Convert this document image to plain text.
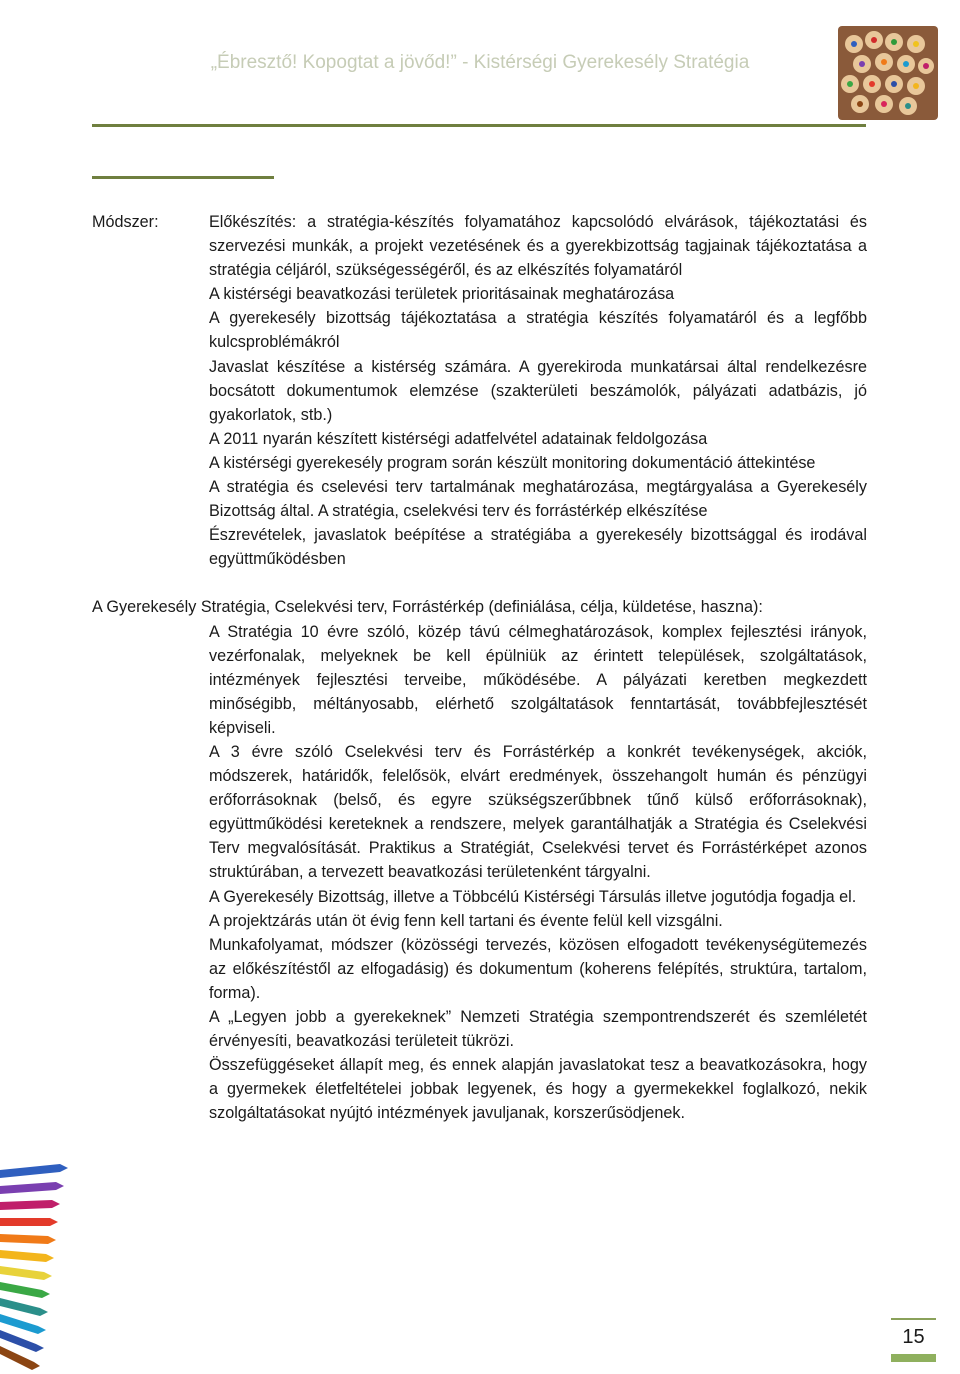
„Ébresztő! Kopogtat a jövőd!” - Kistérségi Gyerekesély Stratégia
Módszer:	Előkészítés: a stratégia-készítés folyamatához kapcsolódó elvárások, tájékoztatási és szervezési munkák, a projekt vezetésének és a gyerekbizottság tagjainak tájékoztatása a stratégia céljáról, szükségességéről, és az elkészítés folyamatáról

A kistérségi beavatkozási területek prioritásainak meghatározása

A gyerekesély bizottság tájékoztatása a stratégia készítés folyamatáról és a legfőbb kulcsproblémákról

Javaslat készítése a kistérség számára. A gyerekiroda munkatársai által rendelkezésre bocsátott dokumentumok elemzése (szakterületi beszámolók, pályázati adatbázis, jó gyakorlatok, stb.)

A 2011 nyarán készített kistérségi adatfelvétel adatainak feldolgozása

A kistérségi gyerekesély program során készült monitoring dokumentáció áttekintése

A stratégia és cselevési terv tartalmának meghatározása, megtárgyalása a Gyerekesély Bizottság által. A stratégia, cselekvési terv és forrástérkép elkészítése

Észrevételek, javaslatok beépítése a stratégiába a gyerekesély bizottsággal és irodával együttműködésben

A Gyerekesély Stratégia, Cselekvési terv, Forrástérkép (definiálása, célja, küldetése, haszna):

A Stratégia 10 évre szóló, közép távú célmeghatározások, komplex fejlesztési irányok, vezérfonalak, melyeknek be kell épülniük az érintett települések, szolgáltatások, intézmények fejlesztési terveibe, működésébe. A pályázati keretben megkezdett minőségibb, méltányosabb, elérhető szolgáltatások fenntartását, továbbfejlesztését képviseli.

A 3 évre szóló Cselekvési terv és Forrástérkép a konkrét tevékenységek, akciók, módszerek, határidők, felelősök, elvárt eredmények, összehangolt humán és pénzügyi erőforrásoknak (belső, és egyre szükségszerűbbnek tűnő külső erőforrásoknak), együttműködési kereteknek a rendszere, melyek garantálhatják a Stratégia és Cselekvési Terv megvalósítását. Praktikus a Stratégiát, Cselekvési tervet és Forrástérképet azonos struktúrában, a tervezett beavatkozási területenként tárgyalni.

A Gyerekesély Bizottság, illetve a Többcélú Kistérségi Társulás illetve jogutódja fogadja el.

A projektzárás után öt évig fenn kell tartani és évente felül kell vizsgálni.

Munkafolyamat, módszer (közösségi tervezés, közösen elfogadott tevékenységütemezés az előkészítéstől az elfogadásig) és dokumentum (koherens felépítés, struktúra, tartalom, forma).

A „Legyen jobb a gyerekeknek” Nemzeti Stratégia szempontrendszerét és szemléletét érvényesíti, beavatkozási területeit tükrözi.

Összefüggéseket állapít meg, és ennek alapján javaslatokat tesz a beavatkozásokra, hogy a gyermekek életfeltételei jobbak legyenek, és hogy a gyermekekkel foglalkozó, nekik szolgáltatásokat nyújtó intézmények javuljanak, korszerűsödjenek.

15
